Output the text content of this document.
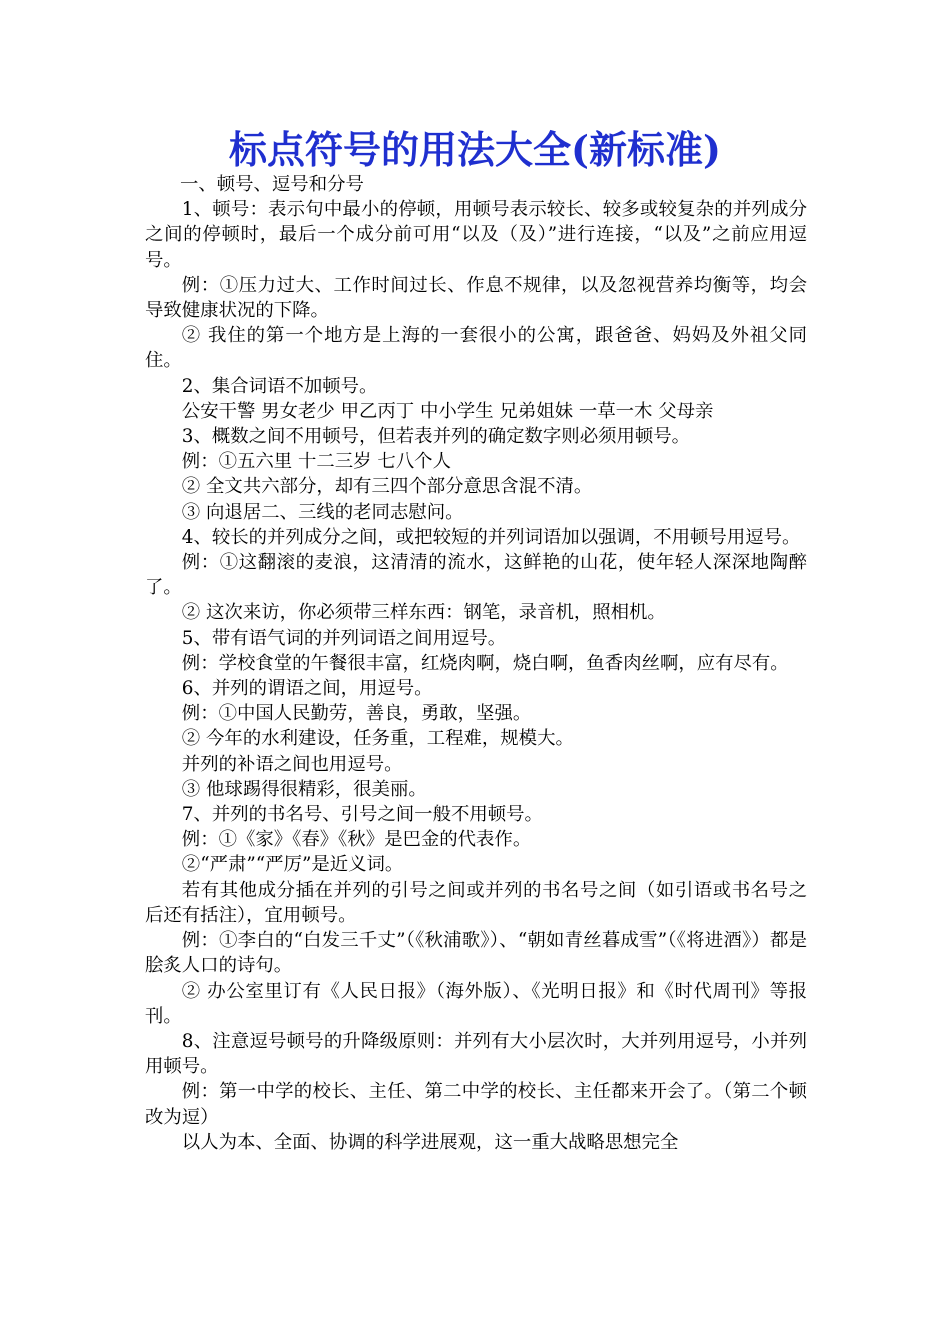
标点符号的用法大全(新标准)

一、顿号、逗号和分号

1、顿号：表示句中最小的停顿，用顿号表示较长、较多或较复杂的并列成分之间的停顿时，最后一个成分前可用“以及（及）”进行连接，“以及”之前应用逗号。

例：①压力过大、工作时间过长、作息不规律，以及忽视营养均衡等，均会导致健康状况的下降。

② 我住的第一个地方是上海的一套很小的公寓，跟爸爸、妈妈及外祖父同住。

2、集合词语不加顿号。

公安干警 男女老少 甲乙丙丁 中小学生 兄弟姐妹 一草一木 父母亲

3、概数之间不用顿号，但若表并列的确定数字则必须用顿号。

例：①五六里 十二三岁 七八个人

② 全文共六部分，却有三四个部分意思含混不清。

③ 向退居二、三线的老同志慰问。

4、较长的并列成分之间，或把较短的并列词语加以强调，不用顿号用逗号。

例：①这翻滚的麦浪，这清清的流水，这鲜艳的山花，使年轻人深深地陶醉了。

② 这次来访，你必须带三样东西：钢笔，录音机，照相机。

5、带有语气词的并列词语之间用逗号。

例：学校食堂的午餐很丰富，红烧肉啊，烧白啊，鱼香肉丝啊，应有尽有。

6、并列的谓语之间，用逗号。

例：①中国人民勤劳，善良，勇敢，坚强。

② 今年的水利建设，任务重，工程难，规模大。

并列的补语之间也用逗号。

③ 他球踢得很精彩，很美丽。

7、并列的书名号、引号之间一般不用顿号。

例：①《家》《春》《秋》是巴金的代表作。

②“严肃”“严厉”是近义词。

若有其他成分插在并列的引号之间或并列的书名号之间（如引语或书名号之后还有括注），宜用顿号。

例：①李白的“白发三千丈”（《秋浦歌》）、“朝如青丝暮成雪”（《将进酒》）都是脍炙人口的诗句。

② 办公室里订有《人民日报》（海外版）、《光明日报》和《时代周刊》等报刊。

8、注意逗号顿号的升降级原则：并列有大小层次时，大并列用逗号，小并列用顿号。

例：第一中学的校长、主任、第二中学的校长、主任都来开会了。（第二个顿改为逗）

以人为本、全面、协调的科学进展观，这一重大战略思想完全
